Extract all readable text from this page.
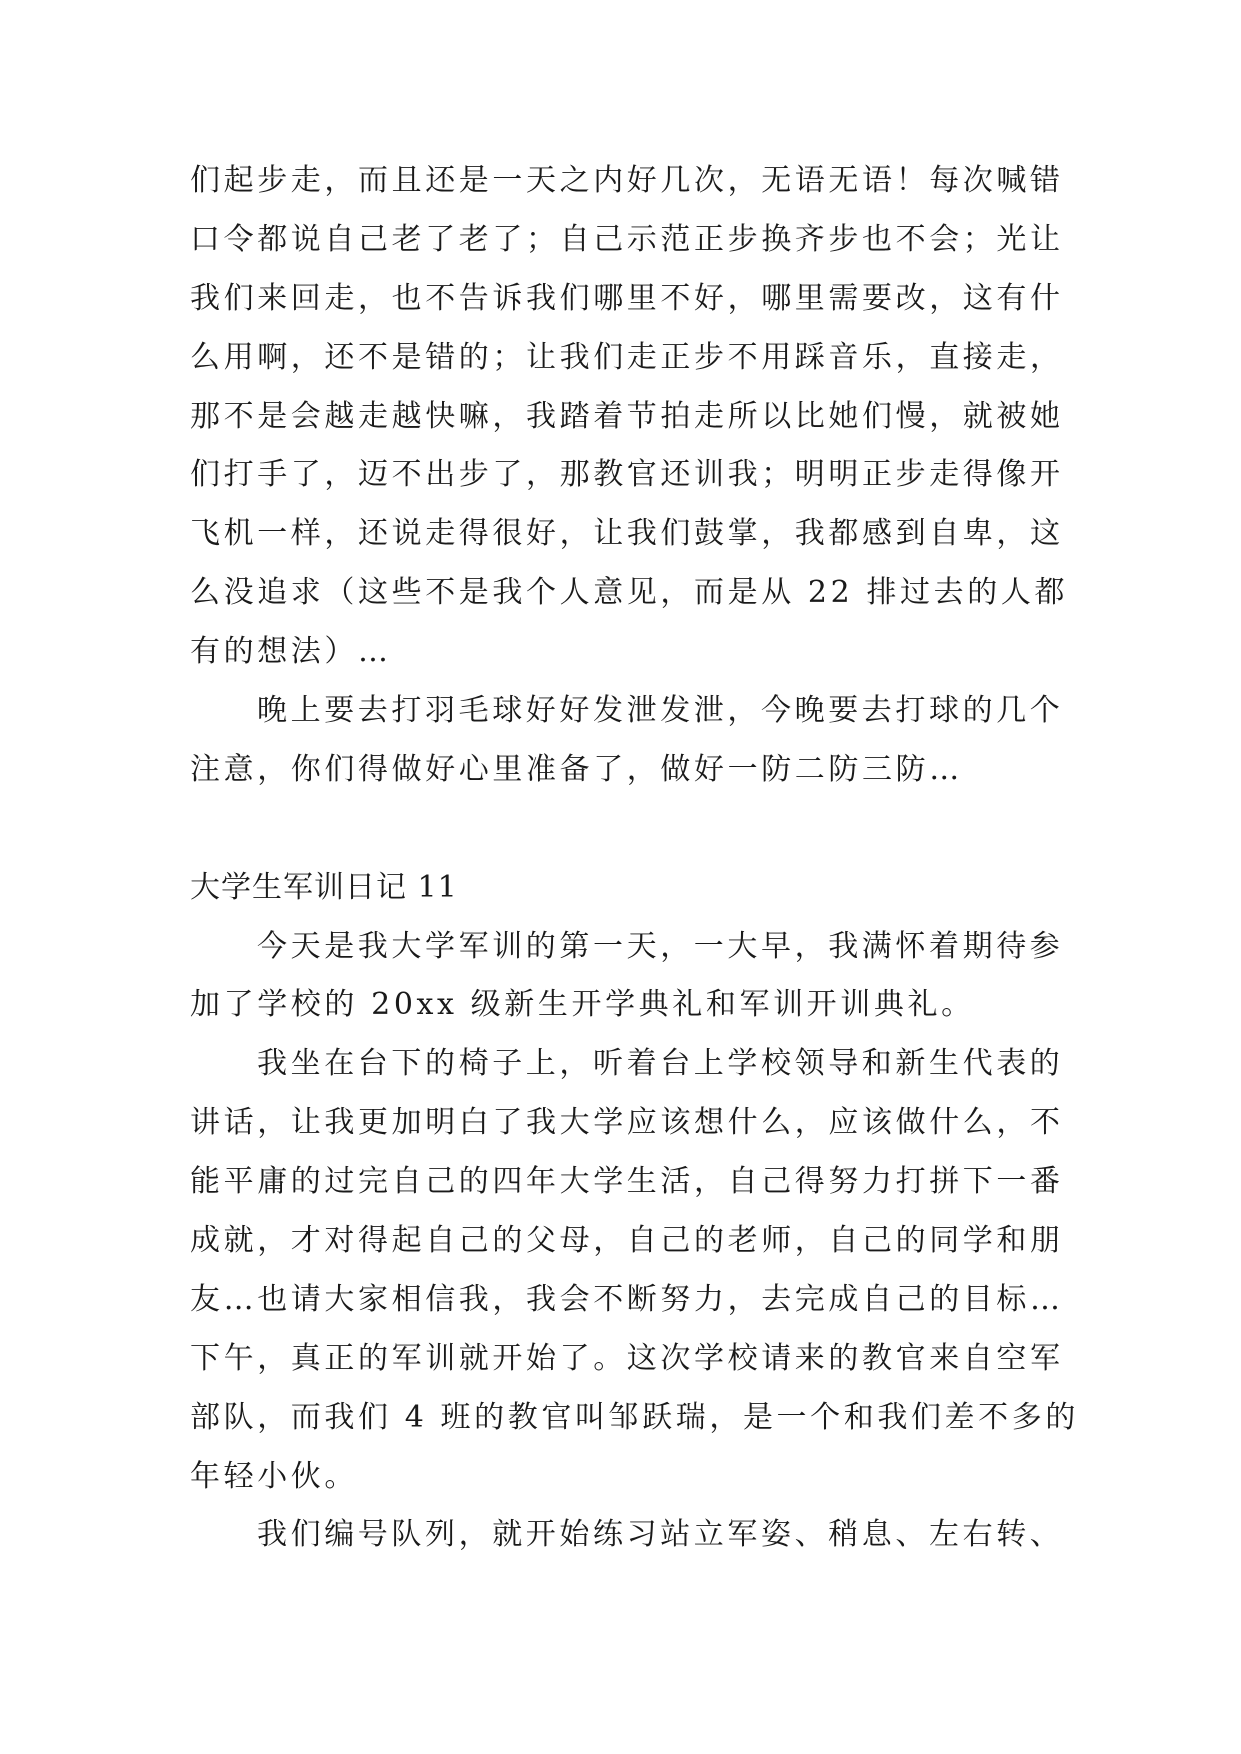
们起步走，而且还是一天之内好几次，无语无语！每次喊错
口令都说自己老了老了；自己示范正步换齐步也不会；光让
我们来回走，也不告诉我们哪里不好，哪里需要改，这有什
么用啊，还不是错的；让我们走正步不用踩音乐，直接走，
那不是会越走越快嘛，我踏着节拍走所以比她们慢，就被她
们打手了，迈不出步了，那教官还训我；明明正步走得像开
飞机一样，还说走得很好，让我们鼓掌，我都感到自卑，这
么没追求（这些不是我个人意见，而是从 22 排过去的人都
有的想法）…
晚上要去打羽毛球好好发泄发泄，今晚要去打球的几个
注意，你们得做好心里准备了，做好一防二防三防…
大学生军训日记 11
今天是我大学军训的第一天，一大早，我满怀着期待参
加了学校的 20xx 级新生开学典礼和军训开训典礼。
我坐在台下的椅子上，听着台上学校领导和新生代表的
讲话，让我更加明白了我大学应该想什么，应该做什么，不
能平庸的过完自己的四年大学生活，自己得努力打拼下一番
成就，才对得起自己的父母，自己的老师，自己的同学和朋
友…也请大家相信我，我会不断努力，去完成自己的目标…
下午，真正的军训就开始了。这次学校请来的教官来自空军
部队，而我们 4 班的教官叫邹跃瑞，是一个和我们差不多的
年轻小伙。
我们编号队列，就开始练习站立军姿、稍息、左右转、
